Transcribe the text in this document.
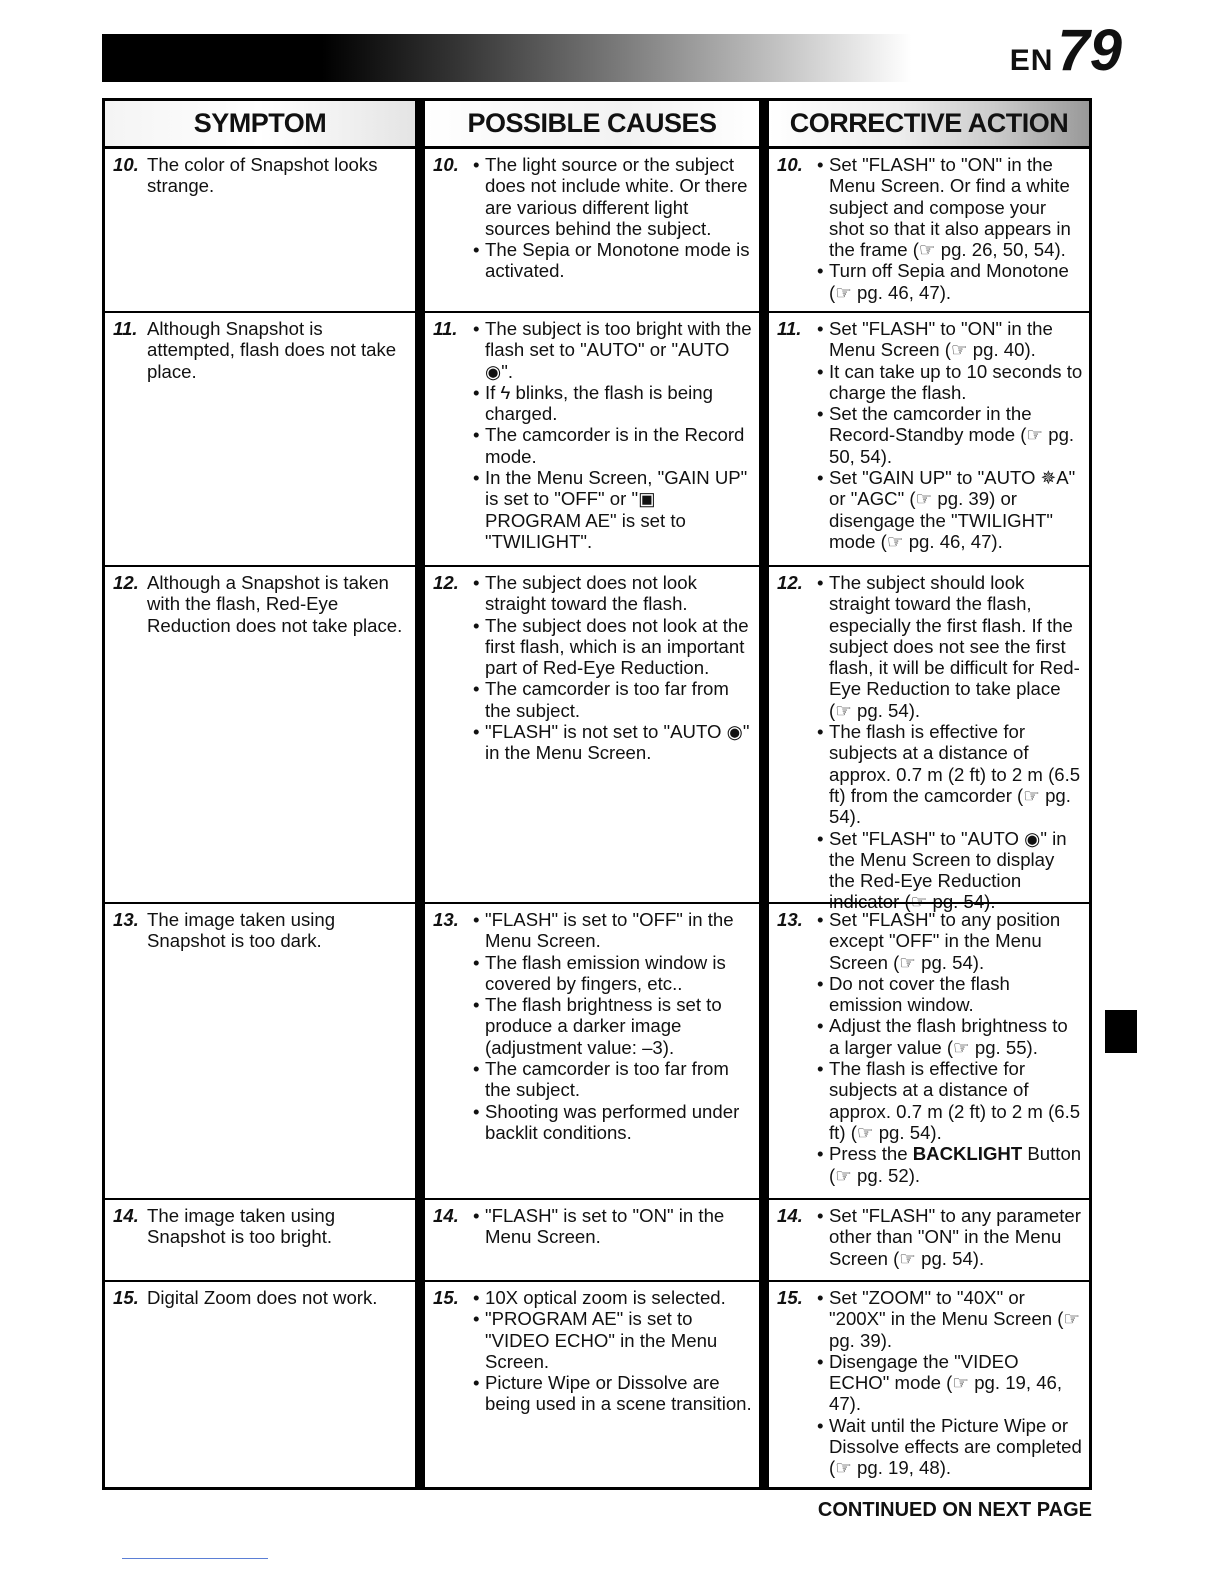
EN 79
SYMPTOM
10. The color of Snapshot looks strange.
11. Although Snapshot is attempted, flash does not take place.
12. Although a Snapshot is taken with the flash, Red-Eye Reduction does not take place.
13. The image taken using Snapshot is too dark.
14. The image taken using Snapshot is too bright.
15. Digital Zoom does not work.
POSSIBLE CAUSES
10. • The light source or the subject does not include white. Or there are various different light sources behind the subject.
•
The Sepia or Monotone mode is activated.
11. • The subject is too bright with the flash set to "AUTO" or "AUTO ◉".
•
If ϟ blinks, the flash is being charged.
•
The camcorder is in the Record mode.
•
In the Menu Screen, "GAIN UP" is set to "OFF" or "▣ PROGRAM AE" is set to "TWILIGHT".
12. • The subject does not look straight toward the flash.
•
The subject does not look at the first flash, which is an important part of Red-Eye Reduction.
•
The camcorder is too far from the subject.
•
"FLASH" is not set to "AUTO ◉" in the Menu Screen.
13. • "FLASH" is set to "OFF" in the Menu Screen.
•
The flash emission window is covered by fingers, etc..
•
The flash brightness is set to produce a darker image (adjustment value: –3).
•
The camcorder is too far from the subject.
•
Shooting was performed under backlit conditions.
14. • "FLASH" is set to "ON" in the Menu Screen.
15. • 10X optical zoom is selected.
•
"PROGRAM AE" is set to "VIDEO ECHO" in the Menu Screen.
•
Picture Wipe or Dissolve are being used in a scene transition.
CORRECTIVE ACTION
10. • Set "FLASH" to "ON" in the Menu Screen. Or find a white subject and compose your shot so that it also appears in the frame (☞ pg. 26, 50, 54).
•
Turn off Sepia and Monotone (☞ pg. 46, 47).
11. • Set "FLASH" to "ON" in the Menu Screen (☞ pg. 40).
•
It can take up to 10 seconds to charge the flash.
•
Set the camcorder in the Record-Standby mode (☞ pg. 50, 54).
•
Set "GAIN UP" to "AUTO ✵A" or "AGC" (☞ pg. 39) or disengage the "TWILIGHT" mode (☞ pg. 46, 47).
12. • The subject should look straight toward the flash, especially the first flash. If the subject does not see the first flash, it will be difficult for Red-Eye Reduction to take place (☞ pg. 54).
•
The flash is effective for subjects at a distance of approx. 0.7 m (2 ft) to 2 m (6.5 ft) from the camcorder (☞ pg. 54).
•
Set "FLASH" to "AUTO ◉" in the Menu Screen to display the Red-Eye Reduction indicator (☞ pg. 54).
13. • Set "FLASH" to any position except "OFF" in the Menu Screen (☞ pg. 54).
•
Do not cover the flash emission window.
•
Adjust the flash brightness to a larger value (☞ pg. 55).
•
The flash is effective for subjects at a distance of approx. 0.7 m (2 ft) to 2 m (6.5 ft) (☞ pg. 54).
•
Press the BACKLIGHT Button (☞ pg. 52).
14. • Set "FLASH" to any parameter other than "ON" in the Menu Screen (☞ pg. 54).
15. • Set "ZOOM" to "40X" or "200X" in the Menu Screen (☞ pg. 39).
•
Disengage the "VIDEO ECHO" mode (☞ pg. 19, 46, 47).
•
Wait until the Picture Wipe or Dissolve effects are completed (☞ pg. 19, 48).
CONTINUED ON NEXT PAGE
